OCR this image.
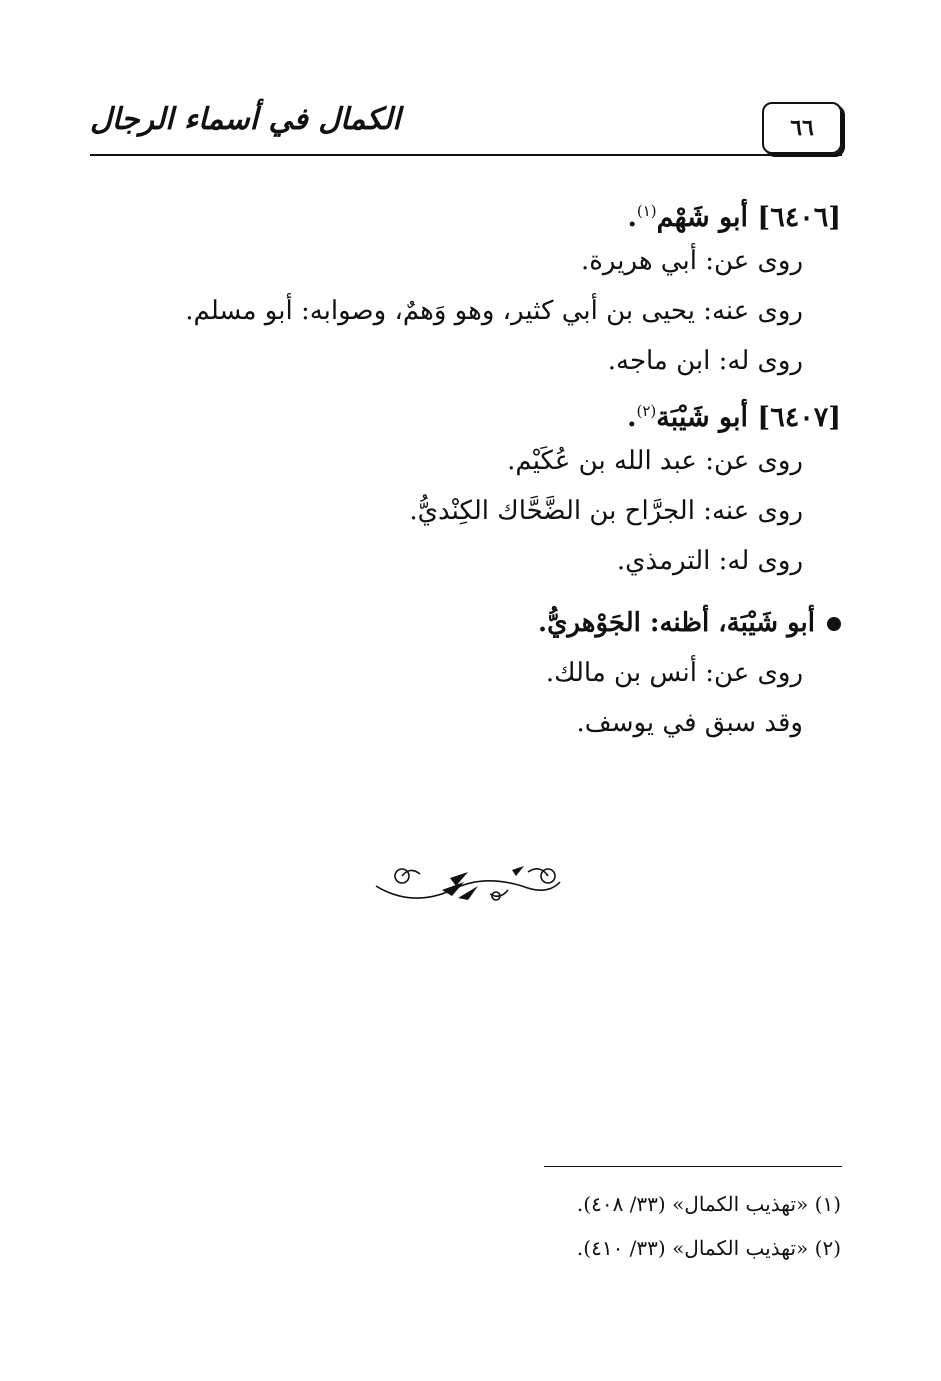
٦٦
الكمال في أسماء الرجال
[٦٤٠٦] أبو شَهْم$^{(١)}$.
روى عن: أبي هريرة.
روى عنه: يحيى بن أبي كثير، وهو وَهمٌ، وصوابه: أبو مسلم.
روى له: ابن ماجه.
[٦٤٠٧] أبو شَيْبَة$^{(٢)}$.
روى عن: عبد الله بن عُكَيْم.
روى عنه: الجرَّاح بن الضَّحَّاك الكِنْديُّ.
روى له: الترمذي.
أبو شَيْبَة، أظنه: الجَوْهريُّ.
روى عن: أنس بن مالك.
وقد سبق في يوسف.
(١) «تهذيب الكمال» (٣٣/ ٤٠٨).
(٢) «تهذيب الكمال» (٣٣/ ٤١٠).
